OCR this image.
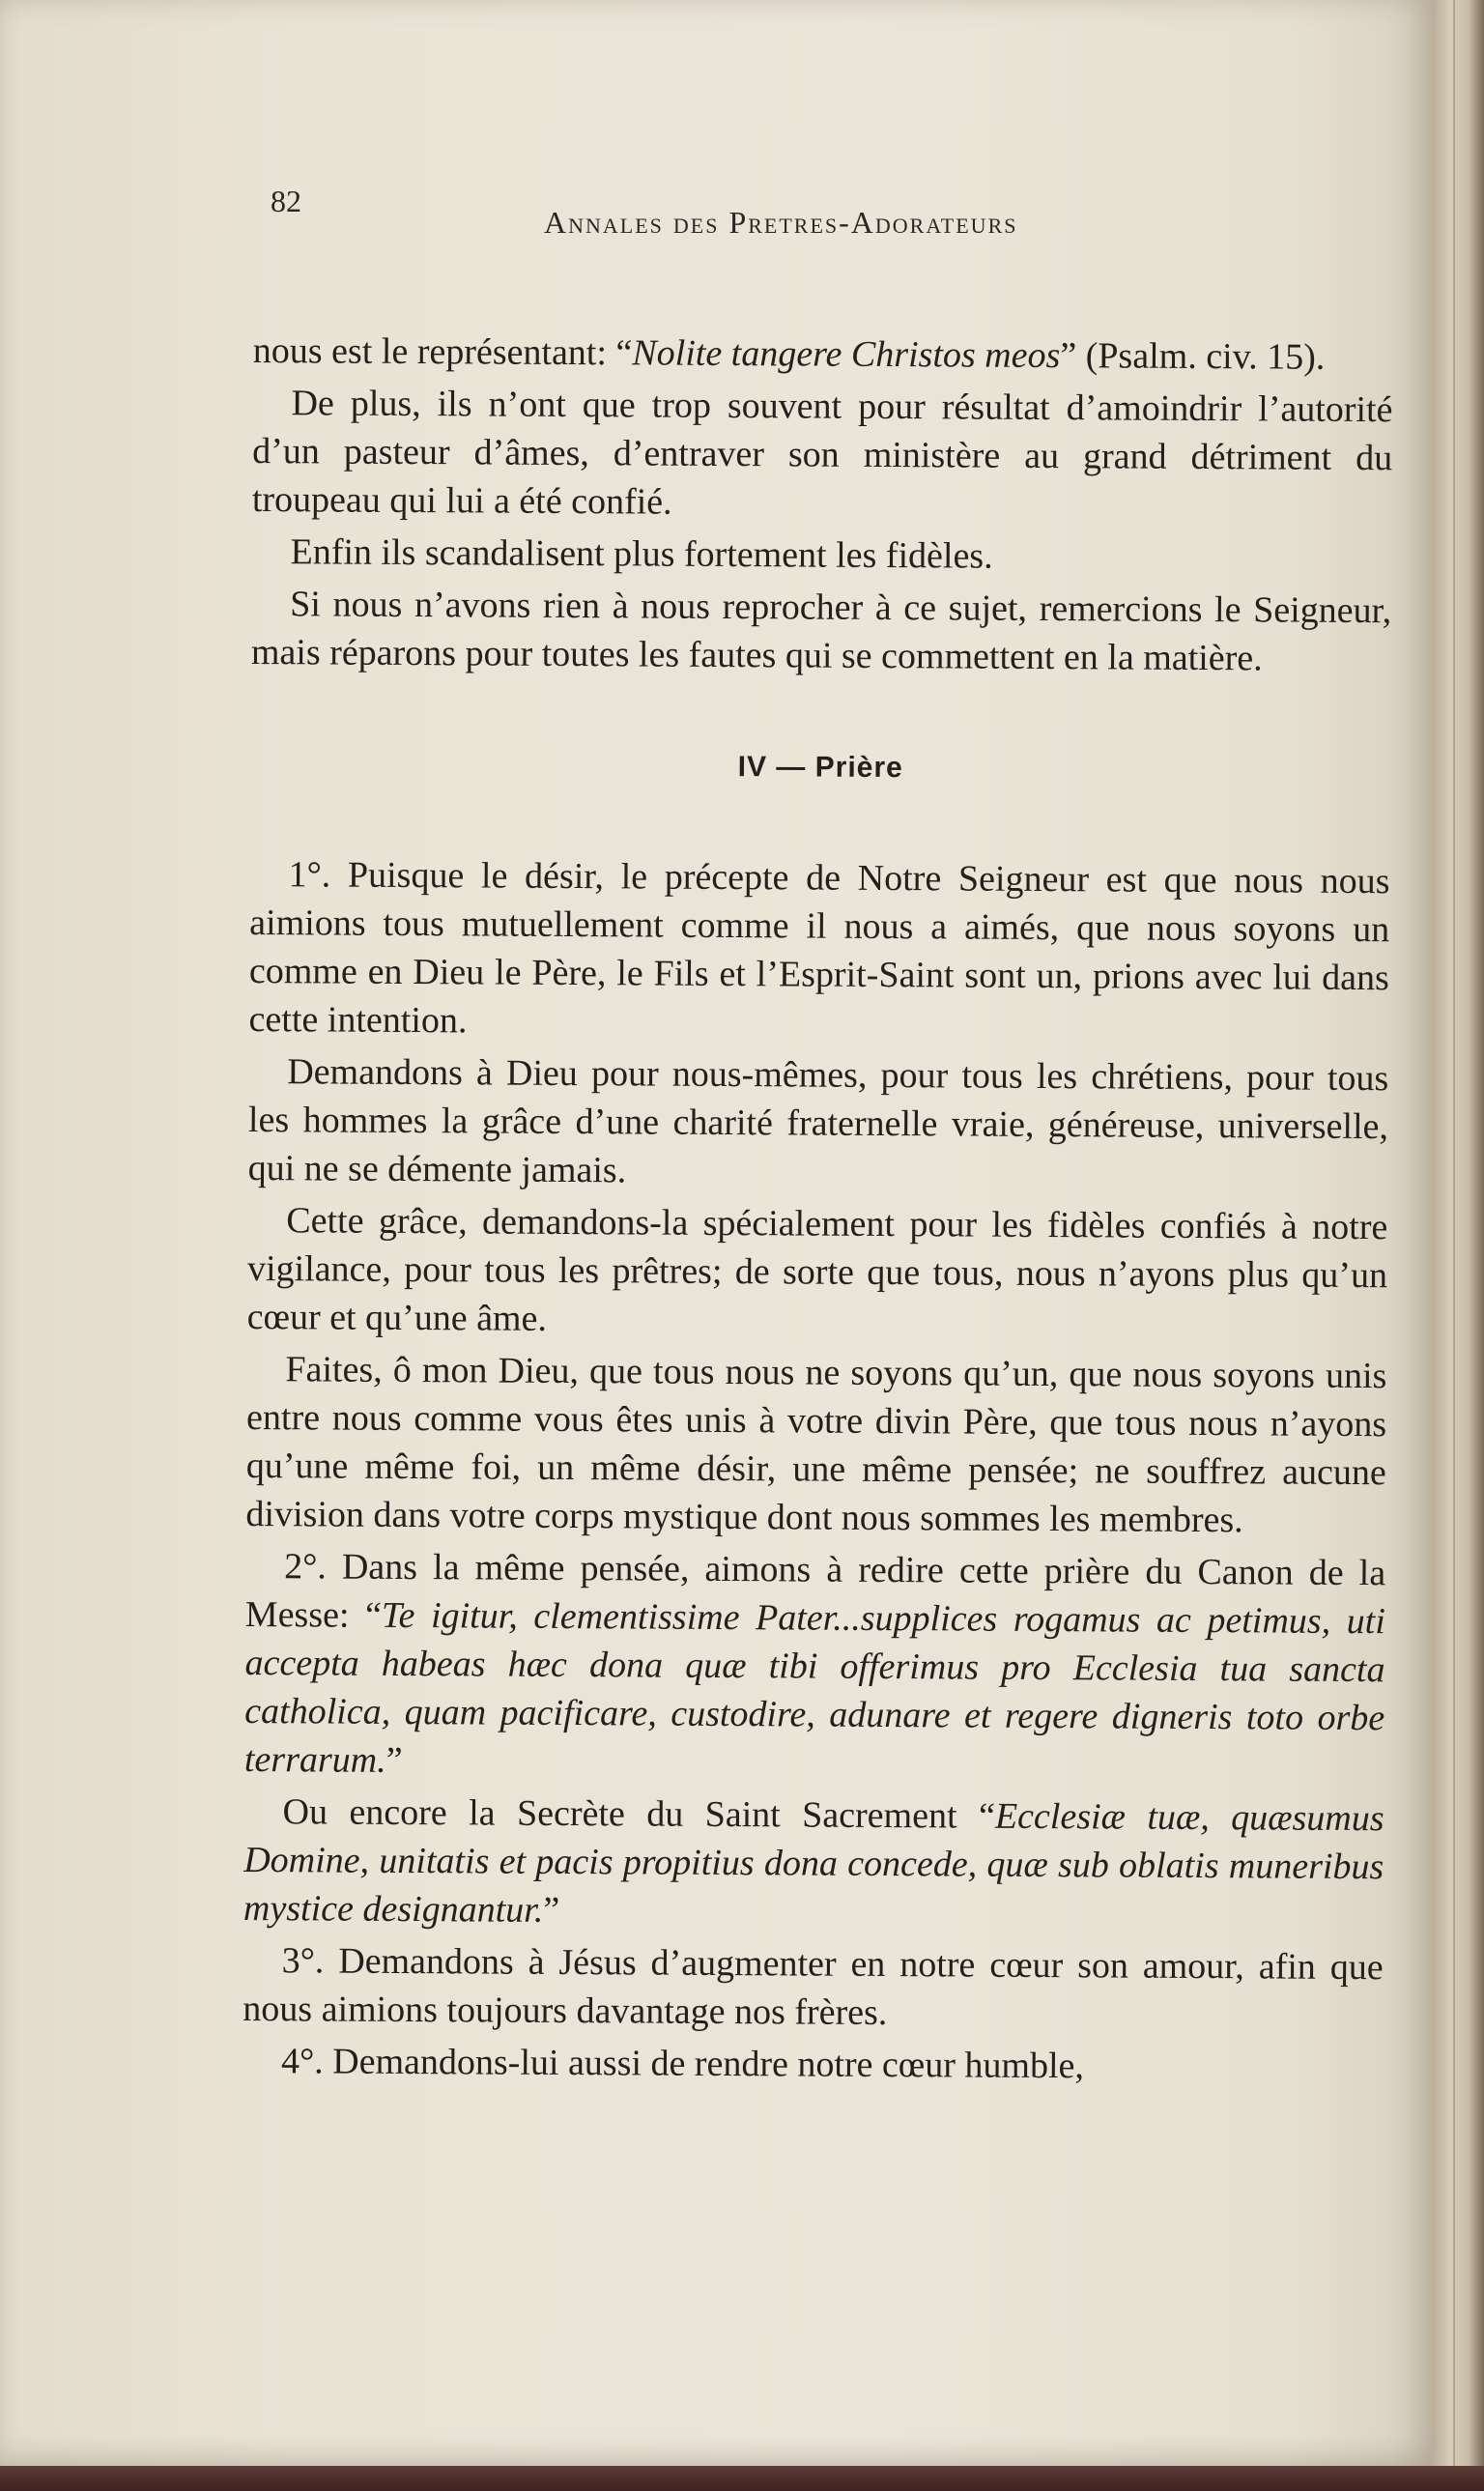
82
Annales des Pretres-Adorateurs

nous est le représentant: “Nolite tangere Christos meos” (Psalm. civ. 15).

De plus, ils n’ont que trop souvent pour résultat d’amoindrir l’autorité d’un pasteur d’âmes, d’entraver son ministère au grand détriment du troupeau qui lui a été confié.

Enfin ils scandalisent plus fortement les fidèles.

Si nous n’avons rien à nous reprocher à ce sujet, remercions le Seigneur, mais réparons pour toutes les fautes qui se commettent en la matière.

IV — Prière

1°. Puisque le désir, le précepte de Notre Seigneur est que nous nous aimions tous mutuellement comme il nous a aimés, que nous soyons un comme en Dieu le Père, le Fils et l’Esprit-Saint sont un, prions avec lui dans cette intention.

Demandons à Dieu pour nous-mêmes, pour tous les chrétiens, pour tous les hommes la grâce d’une charité fraternelle vraie, généreuse, universelle, qui ne se démente jamais.

Cette grâce, demandons-la spécialement pour les fidèles confiés à notre vigilance, pour tous les prêtres; de sorte que tous, nous n’ayons plus qu’un cœur et qu’une âme.

Faites, ô mon Dieu, que tous nous ne soyons qu’un, que nous soyons unis entre nous comme vous êtes unis à votre divin Père, que tous nous n’ayons qu’une même foi, un même désir, une même pensée; ne souffrez aucune division dans votre corps mystique dont nous sommes les membres.

2°. Dans la même pensée, aimons à redire cette prière du Canon de la Messe: “Te igitur, clementissime Pater...supplices rogamus ac petimus, uti accepta habeas hæc dona quæ tibi offerimus pro Ecclesia tua sancta catholica, quam pacificare, custodire, adunare et regere digneris toto orbe terrarum.”

Ou encore la Secrète du Saint Sacrement “Ecclesiæ tuæ, quæsumus Domine, unitatis et pacis propitius dona concede, quæ sub oblatis muneribus mystice designantur.”

3°. Demandons à Jésus d’augmenter en notre cœur son amour, afin que nous aimions toujours davantage nos frères.

4°. Demandons-lui aussi de rendre notre cœur humble,
